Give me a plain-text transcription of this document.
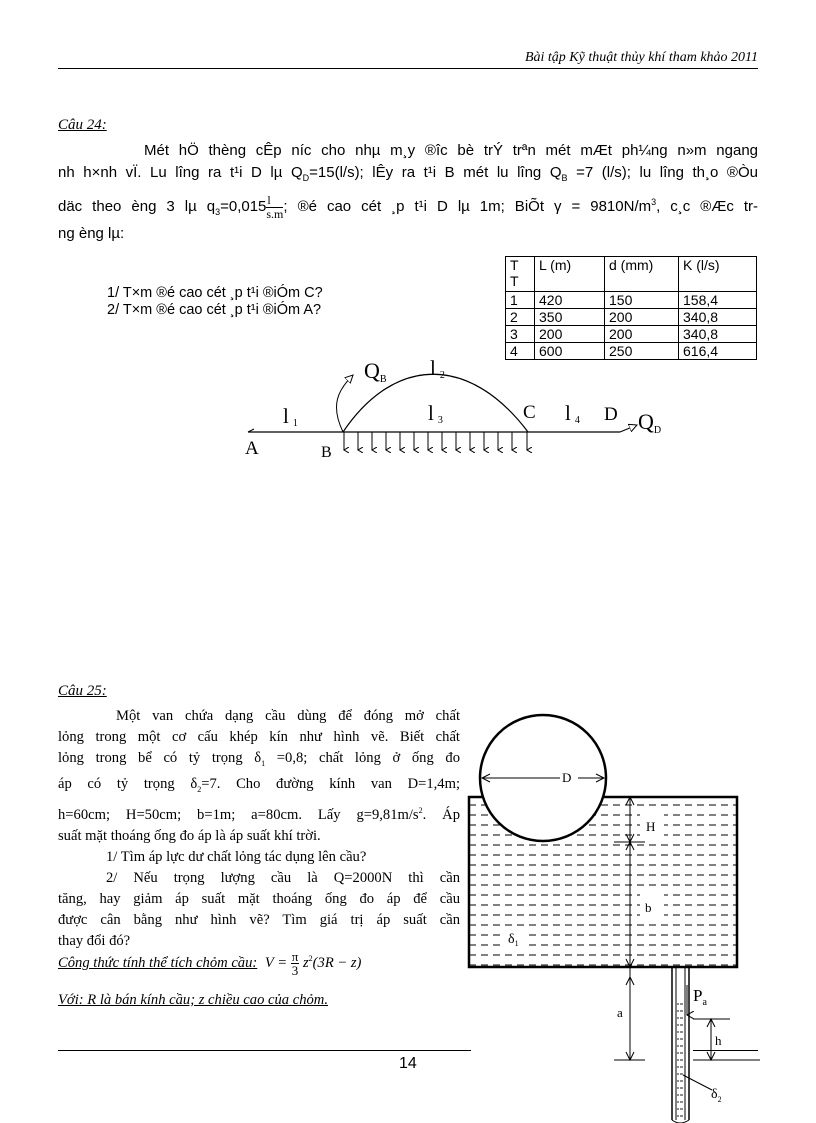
Bài tập Kỹ thuật thủy khí tham khảo 2011
Câu 24:
Mét hÖ thèng cÊp níc cho nhµ m¸y ®îc bè trÝ trªn mét mÆt ph¼ng n»m ngang
nh h×nh vÏ. Lu lîng ra t¹i D lµ $Q_D=15(l/s)$; lÊy ra t¹i B mét lu lîng $Q_B =7$ (l/s); lu lîng th¸o ®Òu
däc theo èng 3 lµ $q_3=0,015 \frac{l}{s.m}$ ; ®é cao cét ¸p t¹i D lµ 1m; BiÕt $\gamma = 9810N/m^3$, c¸c ®Æc tr-
ng èng lµ:
1/ T×m ®é cao cét ¸p t¹i ®iÓm C?
2/ T×m ®é cao cét ¸p t¹i ®iÓm A?
T T	L (m)	d (mm)	K (l/s)
1	420	150	158,4
2	350	200	340,8
3	200	200	340,8
4	600	250	616,4
A	B
C	D
QB
QD
l 1
l 2
l 3	l 4
Câu 25:
Một van chứa dạng cầu dùng để đóng mở chất
lỏng trong một cơ cấu khép kín như hình vẽ. Biết chất
lỏng trong bể có tỷ trọng $\delta_1 =0,8$; chất lỏng ở ống đo
áp có tỷ trọng $\delta_2=7$. Cho đường kính van D=1,4m;
h=60cm; H=50cm; b=1m; a=80cm. Lấy $g=9,81m/s^2$. Áp
suất mặt thoáng ống đo áp là áp suất khí trời.
1/ Tìm áp lực dư chất lỏng tác dụng lên cầu?
2/ Nếu trọng lượng cầu là Q=2000N thì cần
tăng, hay giảm áp suất mặt thoáng ống đo áp để cầu
được cân bằng như hình vẽ? Tìm giá trị áp suất cần
thay đổi đó?
Công thức tính thể tích chỏm cầu: $V = \frac{\pi}{3} z^2(3R - z)$
Với: R là bán kính cầu; z chiều cao của chỏm.
D
H
b
a
$\delta_1$
$P_a$
h
$\delta_2$
14
